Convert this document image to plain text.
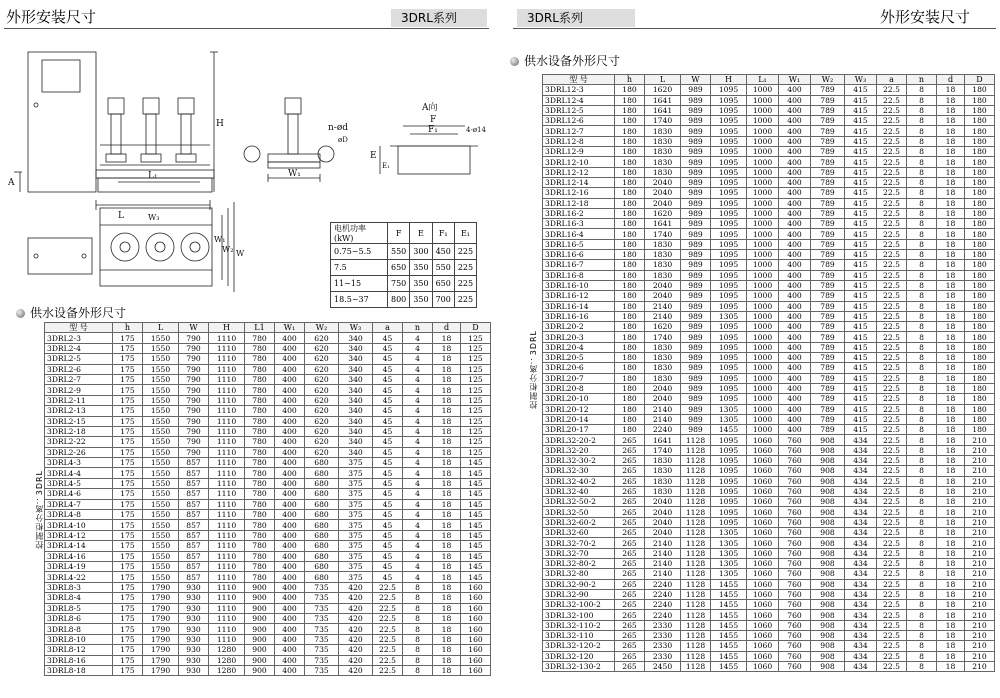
外形安装尺寸	3DRL系列	3DRL系列	外形安装尺寸
H
A
L
L₁	W₁
n-ød
øD
A向
F
F₁	4-ø14
E
E₁
W₁
W₂ W
W₃
电机功率(kW)	F	E	F₁	E₁
0.75~5.5	550	300	450	225
7.5	650	350	550	225
11~15	750	350	650	225
18.5~37	800	350	700	225
供水设备外形尺寸
控制柜分离：3DRL
型 号	h	L	W	H	L1	W₁	W₂	W₃	a	n	d	D
3DRL2-3	175	1550	790	1110	780	400	620	340	45	4	18	125
3DRL2-4	175	1550	790	1110	780	400	620	340	45	4	18	125
3DRL2-5	175	1550	790	1110	780	400	620	340	45	4	18	125
3DRL2-6	175	1550	790	1110	780	400	620	340	45	4	18	125
3DRL2-7	175	1550	790	1110	780	400	620	340	45	4	18	125
3DRL2-9	175	1550	790	1110	780	400	620	340	45	4	18	125
3DRL2-11	175	1550	790	1110	780	400	620	340	45	4	18	125
3DRL2-13	175	1550	790	1110	780	400	620	340	45	4	18	125
3DRL2-15	175	1550	790	1110	780	400	620	340	45	4	18	125
3DRL2-18	175	1550	790	1110	780	400	620	340	45	4	18	125
3DRL2-22	175	1550	790	1110	780	400	620	340	45	4	18	125
3DRL2-26	175	1550	790	1110	780	400	620	340	45	4	18	125
3DRL4-3	175	1550	857	1110	780	400	680	375	45	4	18	145
3DRL4-4	175	1550	857	1110	780	400	680	375	45	4	18	145
3DRL4-5	175	1550	857	1110	780	400	680	375	45	4	18	145
3DRL4-6	175	1550	857	1110	780	400	680	375	45	4	18	145
3DRL4-7	175	1550	857	1110	780	400	680	375	45	4	18	145
3DRL4-8	175	1550	857	1110	780	400	680	375	45	4	18	145
3DRL4-10	175	1550	857	1110	780	400	680	375	45	4	18	145
3DRL4-12	175	1550	857	1110	780	400	680	375	45	4	18	145
3DRL4-14	175	1550	857	1110	780	400	680	375	45	4	18	145
3DRL4-16	175	1550	857	1110	780	400	680	375	45	4	18	145
3DRL4-19	175	1550	857	1110	780	400	680	375	45	4	18	145
3DRL4-22	175	1550	857	1110	780	400	680	375	45	4	18	145
3DRL8-3	175	1790	930	1110	900	400	735	420	22.5	8	18	160
3DRL8-4	175	1790	930	1110	900	400	735	420	22.5	8	18	160
3DRL8-5	175	1790	930	1110	900	400	735	420	22.5	8	18	160
3DRL8-6	175	1790	930	1110	900	400	735	420	22.5	8	18	160
3DRL8-8	175	1790	930	1110	900	400	735	420	22.5	8	18	160
3DRL8-10	175	1790	930	1110	900	400	735	420	22.5	8	18	160
3DRL8-12	175	1790	930	1280	900	400	735	420	22.5	8	18	160
3DRL8-16	175	1790	930	1280	900	400	735	420	22.5	8	18	160
3DRL8-18	175	1790	930	1280	900	400	735	420	22.5	8	18	160
供水设备外形尺寸
控制柜分离：3DRL
型 号	h	L	W	H	L₁	W₁	W₂	W₃	a	n	d	D
3DRL12-3	180	1620	989	1095	1000	400	789	415	22.5	8	18	180
3DRL12-4	180	1641	989	1095	1000	400	789	415	22.5	8	18	180
3DRL12-5	180	1641	989	1095	1000	400	789	415	22.5	8	18	180
3DRL12-6	180	1740	989	1095	1000	400	789	415	22.5	8	18	180
3DRL12-7	180	1830	989	1095	1000	400	789	415	22.5	8	18	180
3DRL12-8	180	1830	989	1095	1000	400	789	415	22.5	8	18	180
3DRL12-9	180	1830	989	1095	1000	400	789	415	22.5	8	18	180
3DRL12-10	180	1830	989	1095	1000	400	789	415	22.5	8	18	180
3DRL12-12	180	1830	989	1095	1000	400	789	415	22.5	8	18	180
3DRL12-14	180	2040	989	1095	1000	400	789	415	22.5	8	18	180
3DRL12-16	180	2040	989	1095	1000	400	789	415	22.5	8	18	180
3DRL12-18	180	2040	989	1095	1000	400	789	415	22.5	8	18	180
3DRL16-2	180	1620	989	1095	1000	400	789	415	22.5	8	18	180
3DRL16-3	180	1641	989	1095	1000	400	789	415	22.5	8	18	180
3DRL16-4	180	1740	989	1095	1000	400	789	415	22.5	8	18	180
3DRL16-5	180	1830	989	1095	1000	400	789	415	22.5	8	18	180
3DRL16-6	180	1830	989	1095	1000	400	789	415	22.5	8	18	180
3DRL16-7	180	1830	989	1095	1000	400	789	415	22.5	8	18	180
3DRL16-8	180	1830	989	1095	1000	400	789	415	22.5	8	18	180
3DRL16-10	180	2040	989	1095	1000	400	789	415	22.5	8	18	180
3DRL16-12	180	2040	989	1095	1000	400	789	415	22.5	8	18	180
3DRL16-14	180	2140	989	1095	1000	400	789	415	22.5	8	18	180
3DRL16-16	180	2140	989	1305	1000	400	789	415	22.5	8	18	180
3DRL20-2	180	1620	989	1095	1000	400	789	415	22.5	8	18	180
3DRL20-3	180	1740	989	1095	1000	400	789	415	22.5	8	18	180
3DRL20-4	180	1830	989	1095	1000	400	789	415	22.5	8	18	180
3DRL20-5	180	1830	989	1095	1000	400	789	415	22.5	8	18	180
3DRL20-6	180	1830	989	1095	1000	400	789	415	22.5	8	18	180
3DRL20-7	180	1830	989	1095	1000	400	789	415	22.5	8	18	180
3DRL20-8	180	2040	989	1095	1000	400	789	415	22.5	8	18	180
3DRL20-10	180	2040	989	1095	1000	400	789	415	22.5	8	18	180
3DRL20-12	180	2140	989	1305	1000	400	789	415	22.5	8	18	180
3DRL20-14	180	2140	989	1305	1000	400	789	415	22.5	8	18	180
3DRL20-17	180	2240	989	1455	1000	400	789	415	22.5	8	18	180
3DRL32-20-2	265	1641	1128	1095	1060	760	908	434	22.5	8	18	210
3DRL32-20	265	1740	1128	1095	1060	760	908	434	22.5	8	18	210
3DRL32-30-2	265	1830	1128	1095	1060	760	908	434	22.5	8	18	210
3DRL32-30	265	1830	1128	1095	1060	760	908	434	22.5	8	18	210
3DRL32-40-2	265	1830	1128	1095	1060	760	908	434	22.5	8	18	210
3DRL32-40	265	1830	1128	1095	1060	760	908	434	22.5	8	18	210
3DRL32-50-2	265	2040	1128	1095	1060	760	908	434	22.5	8	18	210
3DRL32-50	265	2040	1128	1095	1060	760	908	434	22.5	8	18	210
3DRL32-60-2	265	2040	1128	1095	1060	760	908	434	22.5	8	18	210
3DRL32-60	265	2040	1128	1305	1060	760	908	434	22.5	8	18	210
3DRL32-70-2	265	2140	1128	1305	1060	760	908	434	22.5	8	18	210
3DRL32-70	265	2140	1128	1305	1060	760	908	434	22.5	8	18	210
3DRL32-80-2	265	2140	1128	1305	1060	760	908	434	22.5	8	18	210
3DRL32-80	265	2140	1128	1305	1060	760	908	434	22.5	8	18	210
3DRL32-90-2	265	2240	1128	1455	1060	760	908	434	22.5	8	18	210
3DRL32-90	265	2240	1128	1455	1060	760	908	434	22.5	8	18	210
3DRL32-100-2	265	2240	1128	1455	1060	760	908	434	22.5	8	18	210
3DRL32-100	265	2240	1128	1455	1060	760	908	434	22.5	8	18	210
3DRL32-110-2	265	2330	1128	1455	1060	760	908	434	22.5	8	18	210
3DRL32-110	265	2330	1128	1455	1060	760	908	434	22.5	8	18	210
3DRL32-120-2	265	2330	1128	1455	1060	760	908	434	22.5	8	18	210
3DRL32-120	265	2330	1128	1455	1060	760	908	434	22.5	8	18	210
3DRL32-130-2	265	2450	1128	1455	1060	760	908	434	22.5	8	18	210
